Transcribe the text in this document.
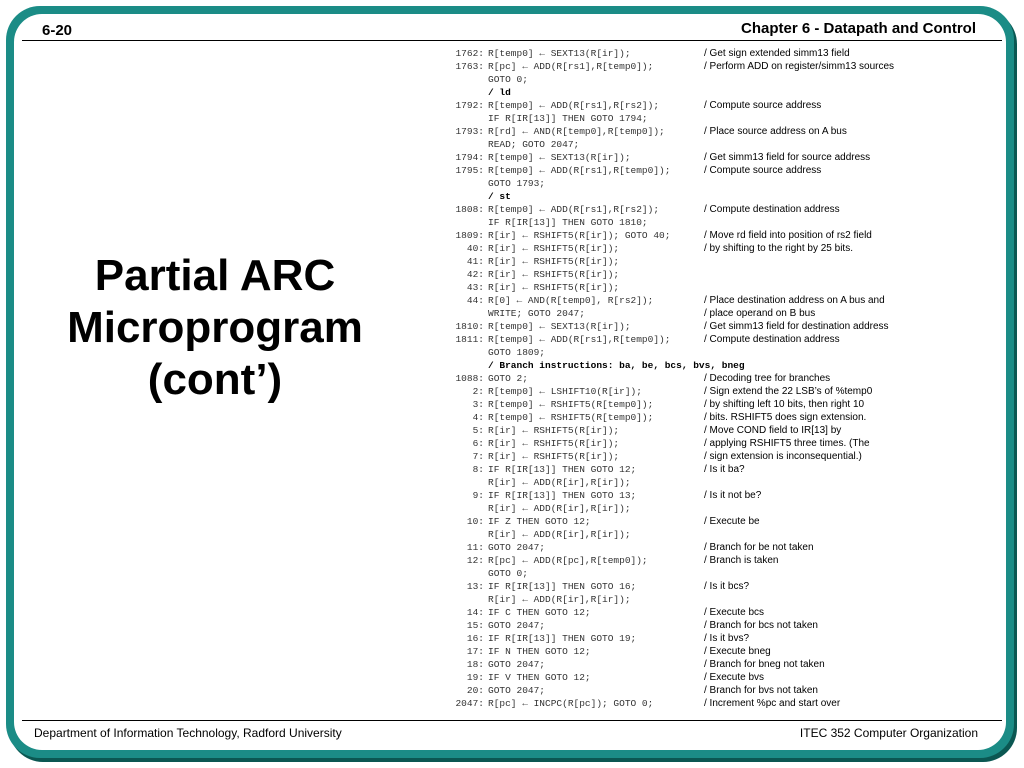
6-20	Chapter 6 - Datapath and Control
Partial ARC
Microprogram
(cont’)
1762: R[temp0] ← SEXT13(R[ir]);	/ Get sign extended simm13 field
1763: R[pc] ← ADD(R[rs1],R[temp0]);	/ Perform ADD on register/simm13 sources
GOTO 0;
/ ld
1792: R[temp0] ← ADD(R[rs1],R[rs2]);	/ Compute source address
IF R[IR[13]] THEN GOTO 1794;
1793: R[rd] ← AND(R[temp0],R[temp0]);	/ Place source address on A bus
READ; GOTO 2047;
1794: R[temp0] ← SEXT13(R[ir]);	/ Get simm13 field for source address
1795: R[temp0] ← ADD(R[rs1],R[temp0]);	/ Compute source address
GOTO 1793;
/ st
1808: R[temp0] ← ADD(R[rs1],R[rs2]);	/ Compute destination address
IF R[IR[13]] THEN GOTO 1810;
1809: R[ir] ← RSHIFT5(R[ir]); GOTO 40;	/ Move rd field into position of rs2 field
40: R[ir] ← RSHIFT5(R[ir]);	/ by shifting to the right by 25 bits.
41: R[ir] ← RSHIFT5(R[ir]);
42: R[ir] ← RSHIFT5(R[ir]);
43: R[ir] ← RSHIFT5(R[ir]);
44: R[0] ← AND(R[temp0], R[rs2]);	/ Place destination address on A bus and
WRITE; GOTO 2047;	/ place operand on B bus
1810: R[temp0] ← SEXT13(R[ir]);	/ Get simm13 field for destination address
1811: R[temp0] ← ADD(R[rs1],R[temp0]);	/ Compute destination address
GOTO 1809;
/ Branch instructions: ba, be, bcs, bvs, bneg
1088: GOTO 2;	/ Decoding tree for branches
2: R[temp0] ← LSHIFT10(R[ir]);	/ Sign extend the 22 LSB’s of %temp0
3: R[temp0] ← RSHIFT5(R[temp0]);	/ by shifting left 10 bits, then right 10
4: R[temp0] ← RSHIFT5(R[temp0]);	/ bits. RSHIFT5 does sign extension.
5: R[ir] ← RSHIFT5(R[ir]);	/ Move COND field to IR[13] by
6: R[ir] ← RSHIFT5(R[ir]);	/ applying RSHIFT5 three times. (The
7: R[ir] ← RSHIFT5(R[ir]);	/ sign extension is inconsequential.)
8: IF R[IR[13]] THEN GOTO 12;	/ Is it ba?
R[ir] ← ADD(R[ir],R[ir]);
9: IF R[IR[13]] THEN GOTO 13;	/ Is it not be?
R[ir] ← ADD(R[ir],R[ir]);
10: IF Z THEN GOTO 12;	/ Execute be
R[ir] ← ADD(R[ir],R[ir]);
11: GOTO 2047;	/ Branch for be not taken
12: R[pc] ← ADD(R[pc],R[temp0]);	/ Branch is taken
GOTO 0;
13: IF R[IR[13]] THEN GOTO 16;	/ Is it bcs?
R[ir] ← ADD(R[ir],R[ir]);
14: IF C THEN GOTO 12;	/ Execute bcs
15: GOTO 2047;	/ Branch for bcs not taken
16: IF R[IR[13]] THEN GOTO 19;	/ Is it bvs?
17: IF N THEN GOTO 12;	/ Execute bneg
18: GOTO 2047;	/ Branch for bneg not taken
19: IF V THEN GOTO 12;	/ Execute bvs
20: GOTO 2047;	/ Branch for bvs not taken
2047: R[pc] ← INCPC(R[pc]); GOTO 0;	/ Increment %pc and start over
Department of Information Technology, Radford University	ITEC 352 Computer Organization
